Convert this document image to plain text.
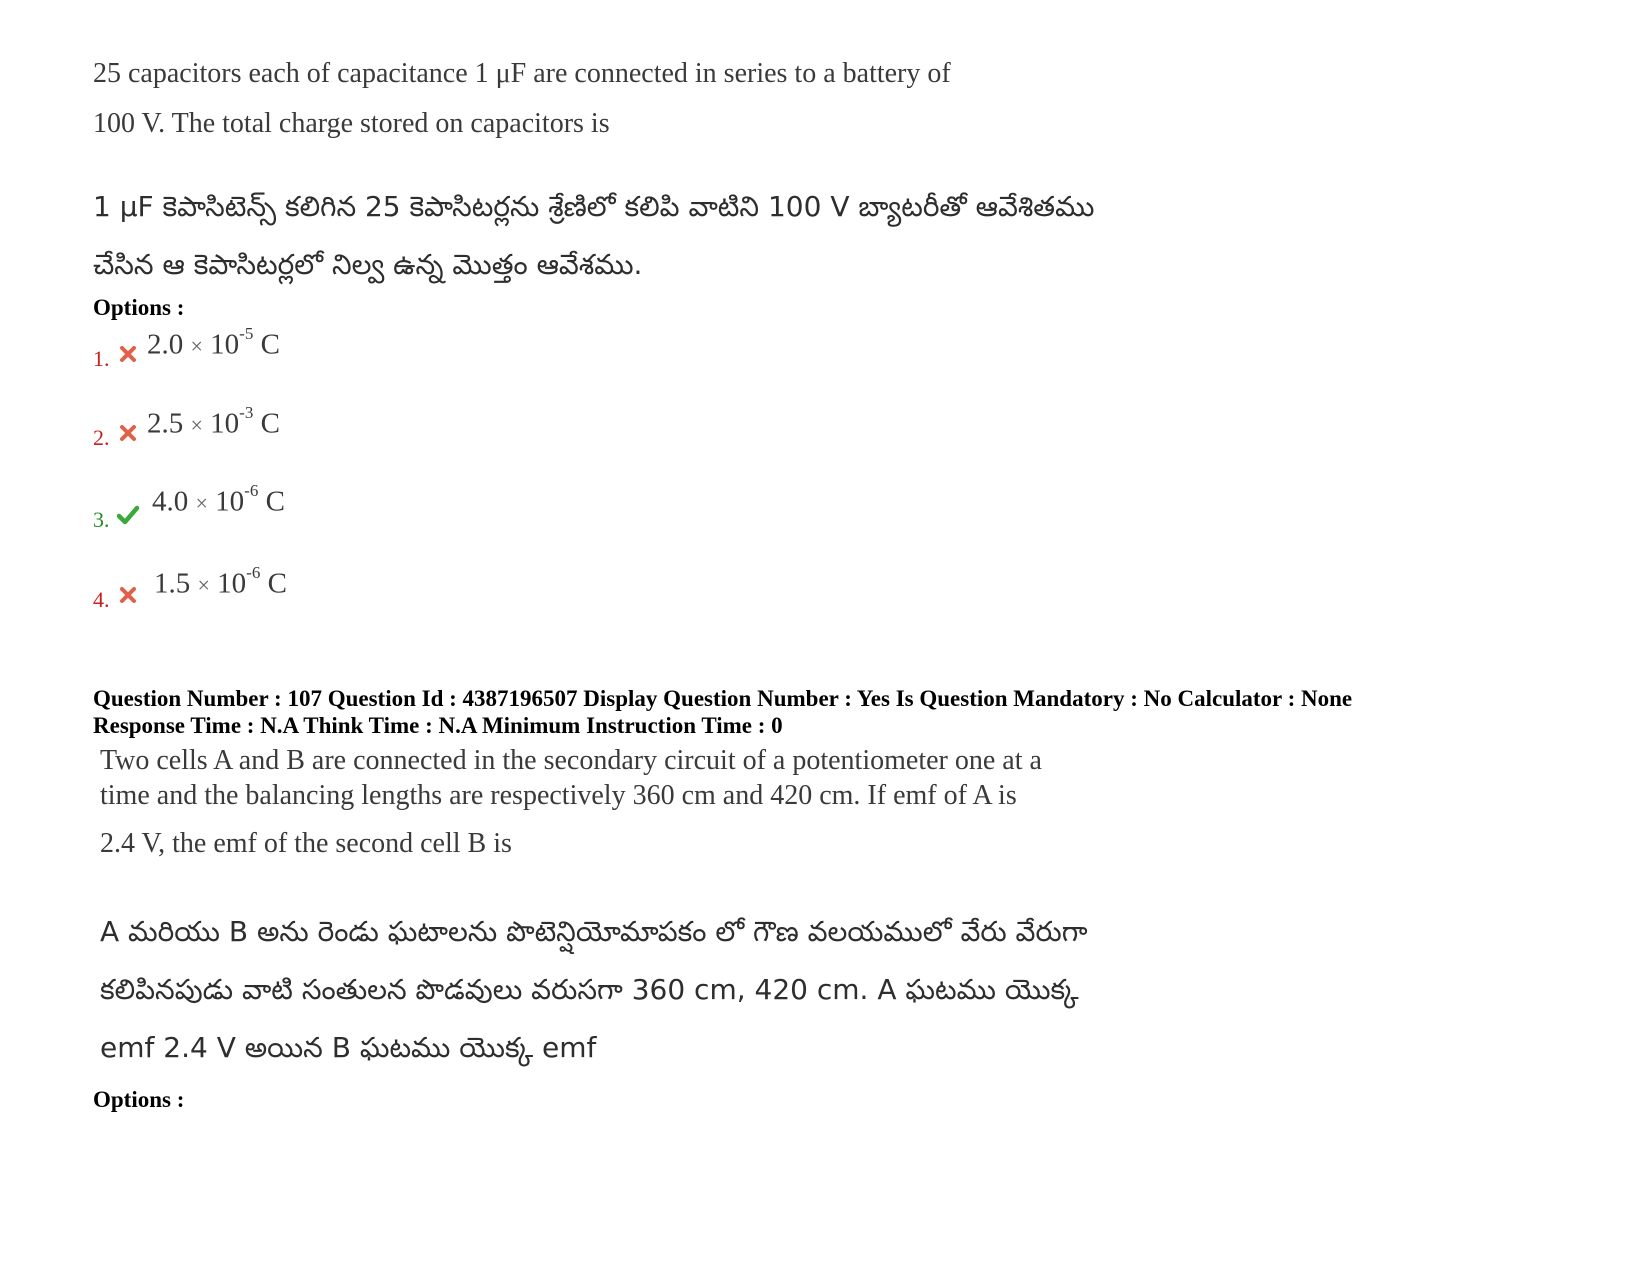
25 capacitors each of capacitance 1 μF are connected in series to a battery of
100 V. The total charge stored on capacitors is
1 μF కెపాసిటెన్స్ కలిగిన 25 కెపాసిటర్లను శ్రేణిలో కలిపి వాటిని 100 V బ్యాటరీతో ఆవేశితము
చేసిన ఆ కెపాసిటర్లలో నిల్వ ఉన్న మొత్తం ఆవేశము.
Options :
1. $2.0 \times 10^{-5}$ C
2. $2.5 \times 10^{-3}$ C
3.
$4.0 \times 10^{-6}$ C
4. $1.5 \times 10^{-6}$ C
Question Number : 107 Question Id : 4387196507 Display Question Number : Yes Is Question Mandatory : No Calculator : None
Response Time : N.A Think Time : N.A Minimum Instruction Time : 0
Two cells A and B are connected in the secondary circuit of a potentiometer one at a
time and the balancing lengths are respectively 360 cm and 420 cm. If emf of A is
2.4 V, the emf of the second cell B is
A మరియు B అను రెండు ఘటాలను పొటెన్షియోమాపకం లో గౌణ వలయములో వేరు వేరుగా
కలిపినపుడు వాటి సంతులన పొడవులు వరుసగా 360 cm, 420 cm. A ఘటము యొక్క
emf 2.4 V అయిన B ఘటము యొక్క emf
Options :
